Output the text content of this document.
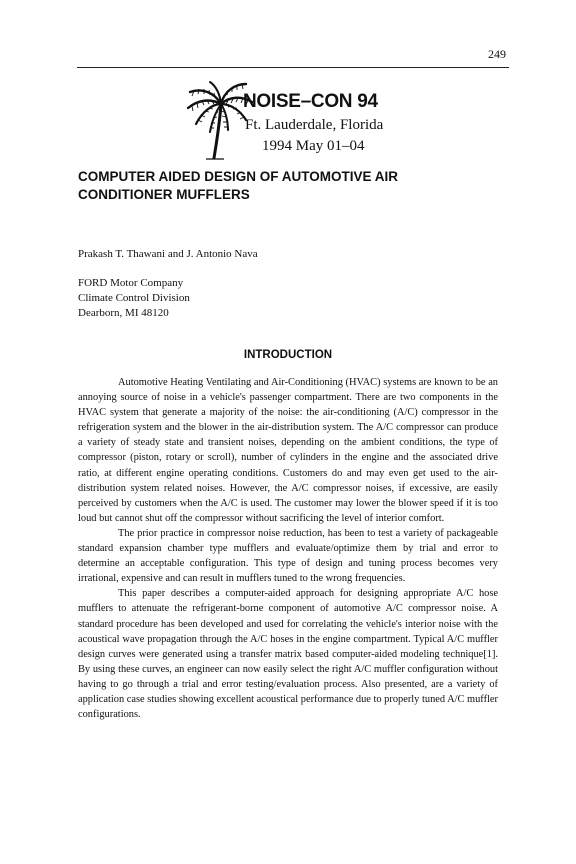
249
NOISE–CON 94
Ft. Lauderdale, Florida
1994 May 01–04
COMPUTER AIDED DESIGN OF AUTOMOTIVE AIR
CONDITIONER MUFFLERS
Prakash T. Thawani and J. Antonio Nava
FORD Motor Company
Climate Control Division
Dearborn, MI 48120
INTRODUCTION

Automotive Heating Ventilating and Air-Conditioning (HVAC) systems are known to be an annoying source of noise in a vehicle's passenger compartment. There are two components in the HVAC system that generate a majority of the noise: the air-conditioning (A/C) compressor in the refrigeration system and the blower in the air-distribution system. The A/C compressor can produce a variety of steady state and transient noises, depending on the ambient conditions, the type of compressor (piston, rotary or scroll), number of cylinders in the engine and the associated drive ratio, at different engine operating conditions. Customers do and may even get used to the air-distribution system related noises. However, the A/C compressor noises, if excessive, are easily perceived by customers when the A/C is used. The customer may lower the blower speed if it is too loud but cannot shut off the compressor without sacrificing the level of interior comfort.

The prior practice in compressor noise reduction, has been to test a variety of packageable standard expansion chamber type mufflers and evaluate/optimize them by trial and error to determine an acceptable configuration. This type of design and tuning process becomes very irrational, expensive and can result in mufflers tuned to the wrong frequencies.

This paper describes a computer-aided approach for designing appropriate A/C hose mufflers to attenuate the refrigerant-borne component of automotive A/C compressor noise. A standard procedure has been developed and used for correlating the vehicle's interior noise with the acoustical wave propagation through the A/C hoses in the engine compartment. Typical A/C muffler design curves were generated using a transfer matrix based computer-aided modeling technique[1]. By using these curves, an engineer can now easily select the right A/C muffler configuration without having to go through a trial and error testing/evaluation process. Also presented, are a variety of application case studies showing excellent acoustical performance due to properly tuned A/C muffler configurations.
